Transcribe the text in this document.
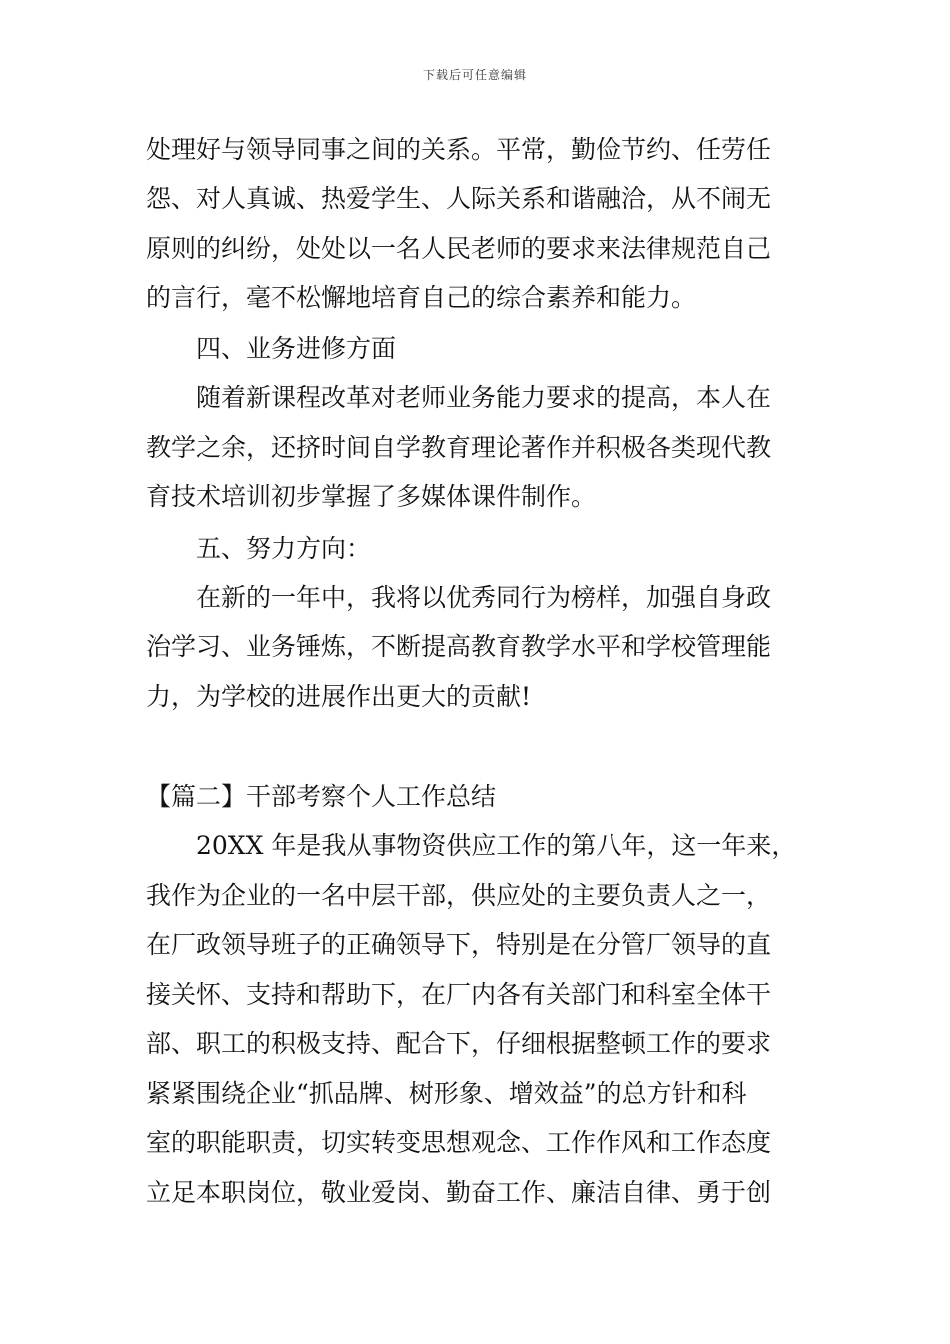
下载后可任意编辑
处理好与领导同事之间的关系。平常，勤俭节约、任劳任
怨、对人真诚、热爱学生、人际关系和谐融洽，从不闹无
原则的纠纷，处处以一名人民老师的要求来法律规范自己
的言行，毫不松懈地培育自己的综合素养和能力。
四、业务进修方面
随着新课程改革对老师业务能力要求的提高，本人在
教学之余，还挤时间自学教育理论著作并积极各类现代教
育技术培训初步掌握了多媒体课件制作。
五、努力方向：
在新的一年中，我将以优秀同行为榜样，加强自身政
治学习、业务锤炼，不断提高教育教学水平和学校管理能
力，为学校的进展作出更大的贡献!
【篇二】干部考察个人工作总结
20XX 年是我从事物资供应工作的第八年，这一年来，
我作为企业的一名中层干部，供应处的主要负责人之一，
在厂政领导班子的正确领导下，特别是在分管厂领导的直
接关怀、支持和帮助下，在厂内各有关部门和科室全体干
部、职工的积极支持、配合下，仔细根据整顿工作的要求
紧紧围绕企业“抓品牌、树形象、增效益”的总方针和科
室的职能职责，切实转变思想观念、工作作风和工作态度
立足本职岗位，敬业爱岗、勤奋工作、廉洁自律、勇于创
